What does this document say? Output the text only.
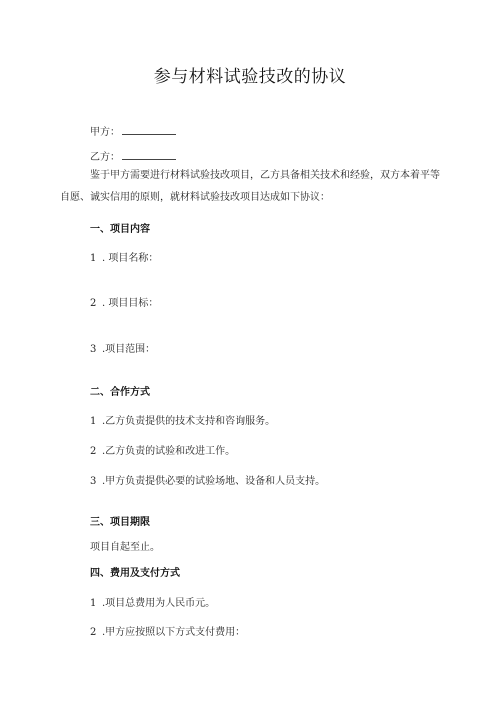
参与材料试验技改的协议
甲方：
乙方：
鉴于甲方需要进行材料试验技改项目，乙方具备相关技术和经验，双方本着平等自愿、诚实信用的原则，就材料试验技改项目达成如下协议：
一、项目内容
1 . 项目名称：
2 . 项目目标：
3 .项目范围：
二、合作方式
1 .乙方负责提供的技术支持和咨询服务。
2 .乙方负责的试验和改进工作。
3 .甲方负责提供必要的试验场地、设备和人员支持。
三、项目期限
项目自起至止。
四、费用及支付方式
1 .项目总费用为人民币元。
2 .甲方应按照以下方式支付费用：
